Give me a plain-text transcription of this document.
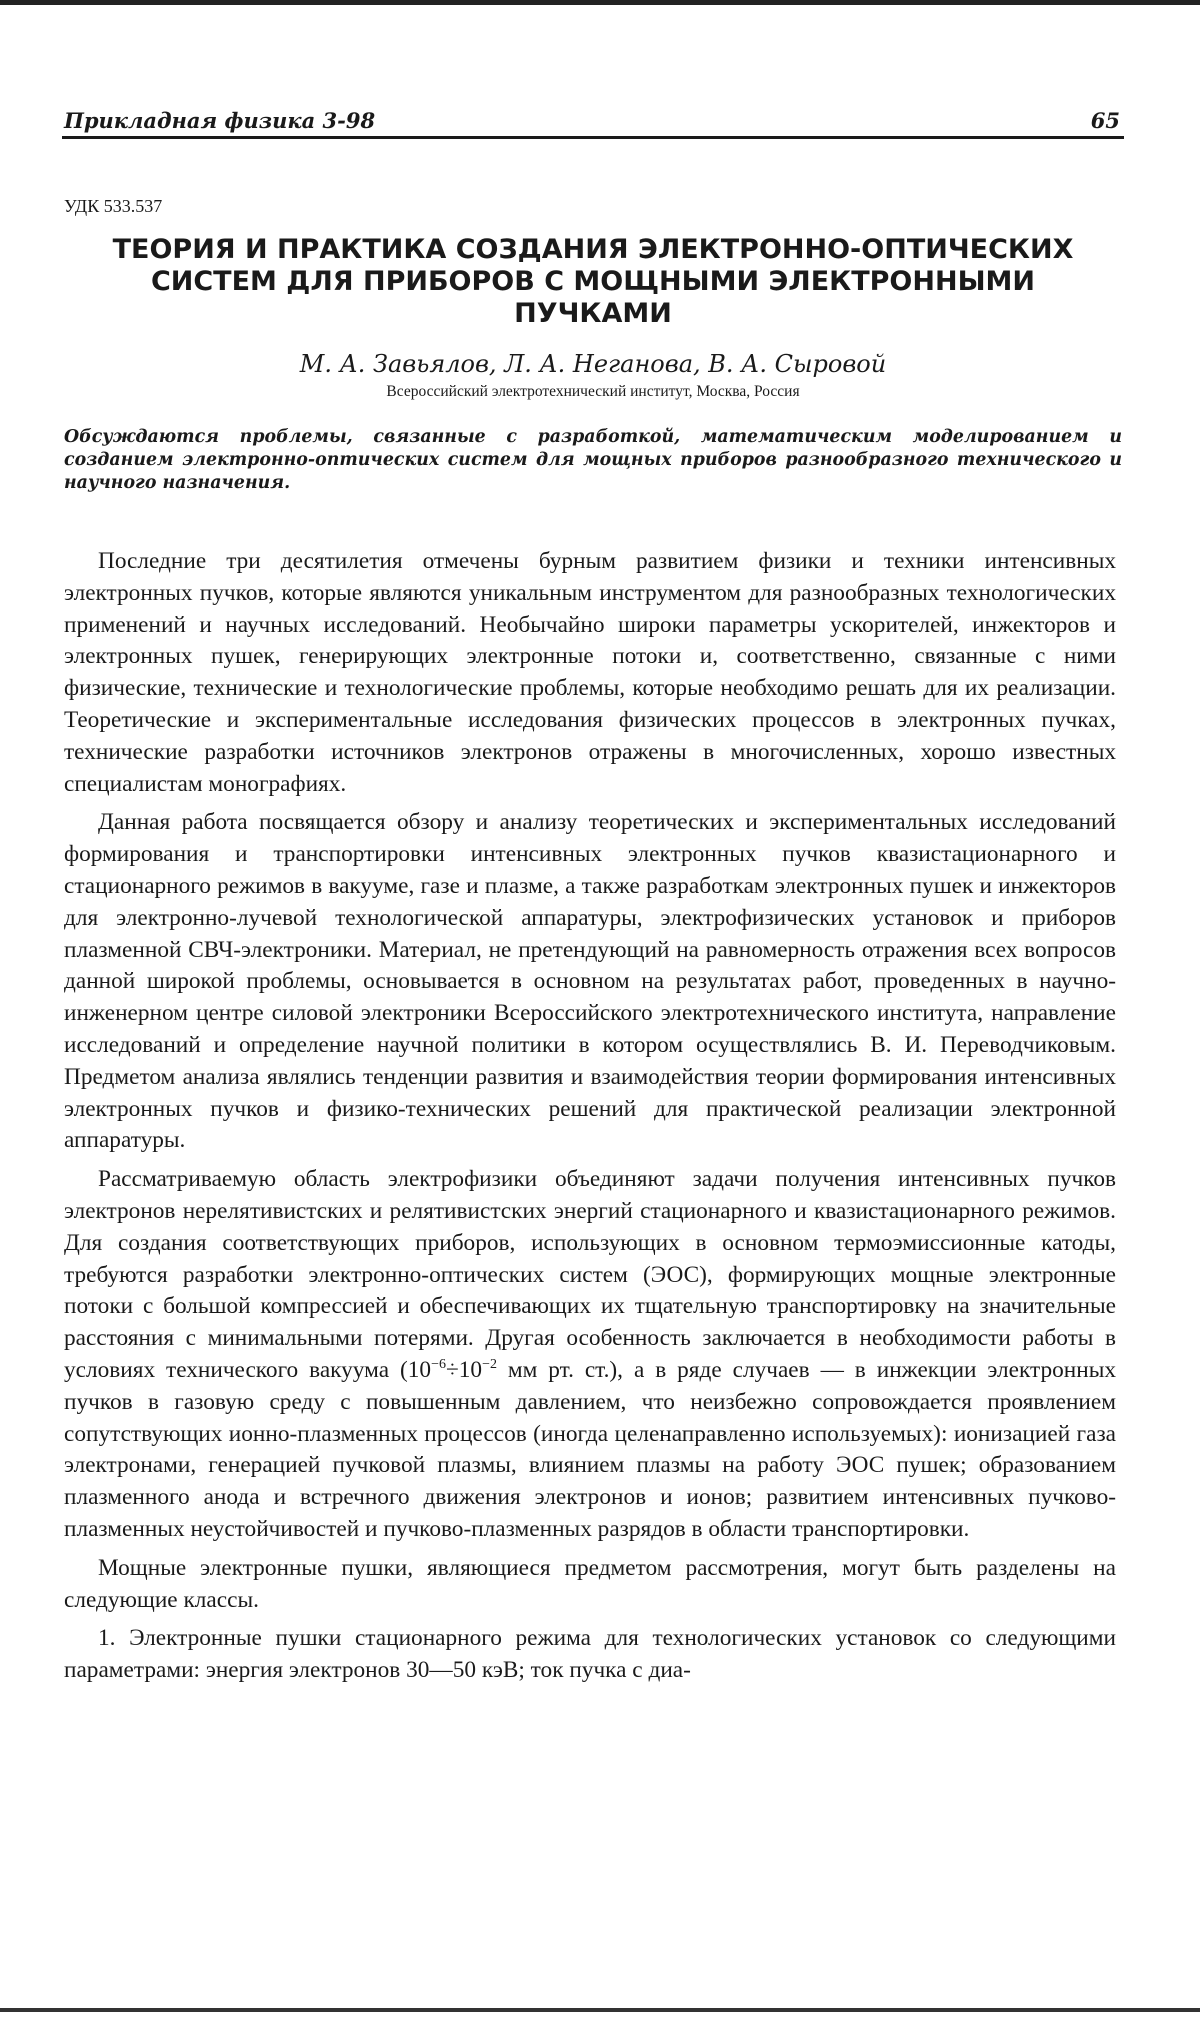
Прикладная физика 3-98	65
УДК 533.537
ТЕОРИЯ И ПРАКТИКА СОЗДАНИЯ ЭЛЕКТРОННО-ОПТИЧЕСКИХ
СИСТЕМ ДЛЯ ПРИБОРОВ С МОЩНЫМИ ЭЛЕКТРОННЫМИ
ПУЧКАМИ
М. А. Завьялов, Л. А. Неганова, В. А. Сыровой
Всероссийский электротехнический институт, Москва, Россия
Обсуждаются проблемы, связанные с разработкой, математическим моделированием и созданием электронно-оптических систем для мощных приборов разнообразного технического и научного назначения.

Последние три десятилетия отмечены бурным развитием физики и техники интенсивных электронных пучков, которые являются уникальным инструментом для разнообразных технологических применений и научных исследований. Необычайно широки параметры ускорителей, инжекторов и электронных пушек, генерирующих электронные потоки и, соответственно, связанные с ними физические, технические и технологические проблемы, которые необходимо решать для их реализации. Теоретические и экспериментальные исследования физических процессов в электронных пучках, технические разработки источников электронов отражены в многочисленных, хорошо известных специалистам монографиях.

Данная работа посвящается обзору и анализу теоретических и экспериментальных исследований формирования и транспортировки интенсивных электронных пучков квазистационарного и стационарного режимов в вакууме, газе и плазме, а также разработкам электронных пушек и инжекторов для электронно-лучевой технологической аппаратуры, электрофизических установок и приборов плазменной СВЧ-электроники. Материал, не претендующий на равномерность отражения всех вопросов данной широкой проблемы, основывается в основном на результатах работ, проведенных в научно-инженерном центре силовой электроники Всероссийского электротехнического института, направление исследований и определение научной политики в котором осуществлялись В. И. Переводчиковым. Предметом анализа являлись тенденции развития и взаимодействия теории формирования интенсивных электронных пучков и физико-технических решений для практической реализации электронной аппаратуры.

Рассматриваемую область электрофизики объединяют задачи получения интенсивных пучков электронов нерелятивистских и релятивистских энергий стационарного и квазистационарного режимов. Для создания соответствующих приборов, использующих в основном термоэмиссионные катоды, требуются разработки электронно-оптических систем (ЭОС), формирующих мощные электронные потоки с большой компрессией и обеспечивающих их тщательную транспортировку на значительные расстояния с минимальными потерями. Другая особенность заключается в необходимости работы в условиях технического вакуума ($10^{-6}\div 10^{-2}$ мм рт. ст.), а в ряде случаев — в инжекции электронных пучков в газовую среду с повышенным давлением, что неизбежно сопровождается проявлением сопутствующих ионно-плазменных процессов (иногда целенаправленно используемых): ионизацией газа электронами, генерацией пучковой плазмы, влиянием плазмы на работу ЭОС пушек; образованием плазменного анода и встречного движения электронов и ионов; развитием интенсивных пучково-плазменных неустойчивостей и пучково-плазменных разрядов в области транспортировки.

Мощные электронные пушки, являющиеся предметом рассмотрения, могут быть разделены на следующие классы.

1. Электронные пушки стационарного режима для технологических установок со следующими параметрами: энергия электронов 30—50 кэВ; ток пучка с диа-
